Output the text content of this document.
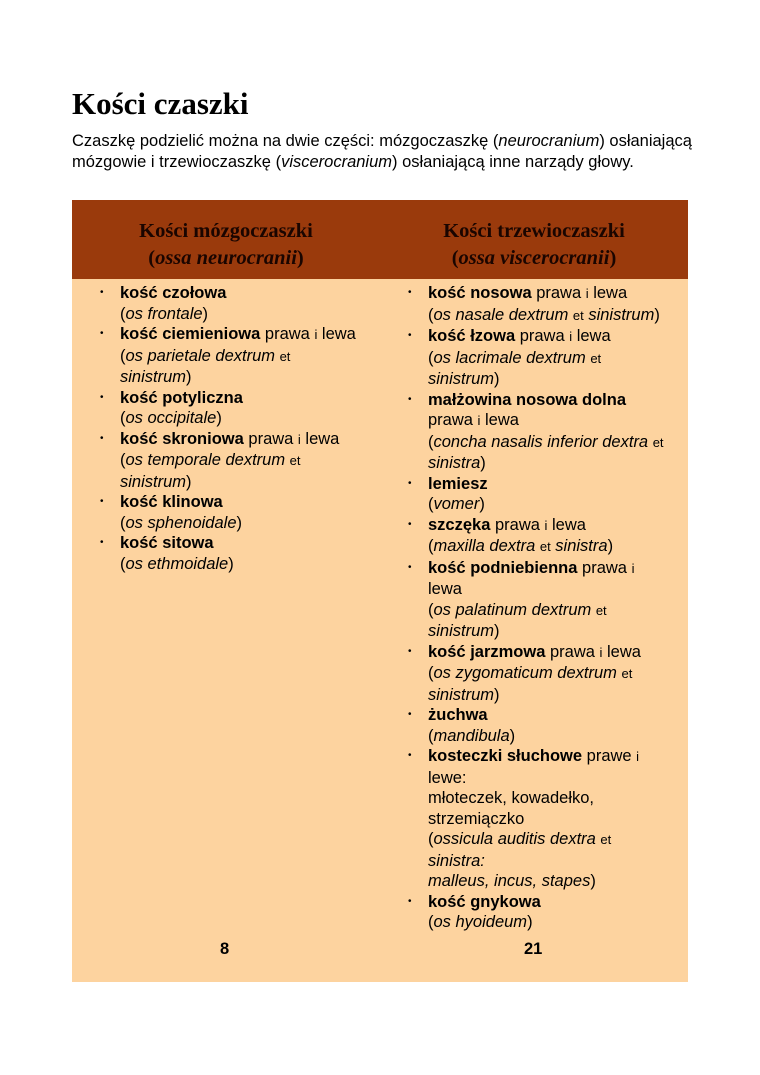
Kości czaszki
Czaszkę podzielić można na dwie części: mózgoczaszkę (neurocranium) osłaniającą mózgowie i trzewioczaszkę (viscerocranium) osłaniającą inne narządy głowy.
Kości mózgoczaszki
(ossa neurocranii)
Kości trzewioczaszki
(ossa viscerocranii)
• kość czołowa
(os frontale)
• kość ciemieniowa prawa i lewa
(os parietale dextrum et
sinistrum)
• kość potyliczna
(os occipitale)
• kość skroniowa prawa i lewa
(os temporale dextrum et
sinistrum)
• kość klinowa
(os sphenoidale)
• kość sitowa
(os ethmoidale)
• kość nosowa prawa i lewa
(os nasale dextrum et sinistrum)
• kość łzowa prawa i lewa
(os lacrimale dextrum et
sinistrum)
• małżowina nosowa dolna
prawa i lewa
(concha nasalis inferior dextra et
sinistra)
• lemiesz
(vomer)
• szczęka prawa i lewa
(maxilla dextra et sinistra)
• kość podniebienna prawa i
lewa
(os palatinum dextrum et
sinistrum)
• kość jarzmowa prawa i lewa
(os zygomaticum dextrum et
sinistrum)
• żuchwa
(mandibula)
• kosteczki słuchowe prawe i
lewe:
młoteczek, kowadełko,
strzemiączko
(ossicula auditis dextra et
sinistra:
malleus, incus, stapes)
• kość gnykowa
(os hyoideum)
8	21
